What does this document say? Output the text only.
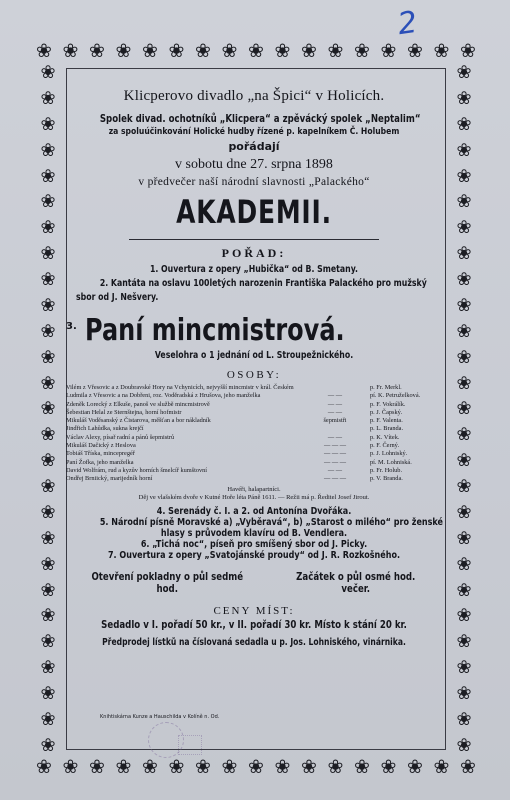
2
❀ ❀ ❀ ❀ ❀ ❀ ❀ ❀ ❀ ❀ ❀ ❀ ❀ ❀ ❀ ❀ ❀
❀ ❀ ❀ ❀ ❀ ❀ ❀ ❀ ❀ ❀ ❀ ❀ ❀ ❀ ❀ ❀ ❀
❀
❀
❀
❀
❀
❀
❀
❀
❀
❀
❀
❀
❀
❀
❀
❀
❀
❀
❀
❀
❀
❀
❀
❀
❀
❀
❀
❀
❀
❀
❀
❀
❀
❀
❀
❀
❀
❀
❀
❀
❀
❀
❀
❀
❀
❀
❀
❀
❀
❀
❀
❀
❀
❀
Klicperovo divadlo „na Špici“ v Holicích.
Spolek divad. ochotníků „Klicpera“ a zpěvácký spolek „Neptalim“
za spoluúčinkování Holické hudby řízené p. kapelníkem Č. Holubem
pořádají
v sobotu dne 27. srpna 1898
v předvečer naší národní slavnosti „Palackého“
AKADEMII.
POŘAD:
1. Ouvertura z opery „Hubička“ od B. Smetany.
2. Kantáta na oslavu 100letých narozenin Františka Palackého pro mužský
sbor od J. Nešvery.
3. Paní mincmistrová.
Veselohra o 1 jednání od L. Stroupežnického.
OSOBY:
Vilém z Vřesovic a z Doubravské Hory na Vchynicích, nejvyšší mincmistr v král. Českém		p. Fr. Merkl.
Ludmila z Vřesovic a na Dobřeni, roz. Vodĕradská z Hrušova, jeho manželka	— —	pí. K. Petruželková.
Zdeněk Lorecký z Elkuše, panoš ve službě mincmistrově	— —	p. F. Vokrálík.
Šebestian Helal ze Sternštejna, horní hofmistr	— —	p. J. Čapský.
Mikuláš Voděsanský z Čistarova, měšťan a bor nákladník	šepmistři	p. F. Valenta.
Jindřich Lahůdka, sukna krejčí		p. L. Branda.
Václav Alexy, písař radní a pánů šepmistrů	— —	p. K. Vítek.
Mikuláš Dačický z Heslova	— — —	p. F. Černý.
Tobiáš Tříska, mincepregéř	— — —	p. J. Lohniský.
Paní Žofka, jeho manželka	— — —	pí. M. Lohniská.
David Wolfrám, rud a kyzův horních šmelcíř kumštovní	— —	p. Fr. Holub.
Ondřej Brniický, marijedník horní	— — —	p. V. Branda.
Havéři, halapartníci.
Děj ve vlašském dvoře v Kutné Hoře léta Páně 1611. — Režii má p. Ředitel Josef Jirout.
4. Serenády č. I. a 2. od Antonína Dvořáka.
5. Národní písně Moravské a) „Vyběravá“, b) „Starost o milého“ pro ženské
hlasy s průvodem klavíru od B. Vendlera.
6. „Tichá noc“, píseň pro smíšený sbor od J. Picky.
7. Ouvertura z opery „Svatojánské proudy“ od J. R. Rozkošného.
Otevření pokladny o půl sedmé hod.
Začátek o půl osmé hod. večer.
CENY MÍST:
Sedadlo v I. pořadí 50 kr., v II. pořadí 30 kr. Místo k stání 20 kr.
Předprodej lístků na číslovaná sedadla u p. Jos. Lohniského, vinárnika.
Knihtiskárna Kunze a Hauschilda v Kolíně n. Od.
